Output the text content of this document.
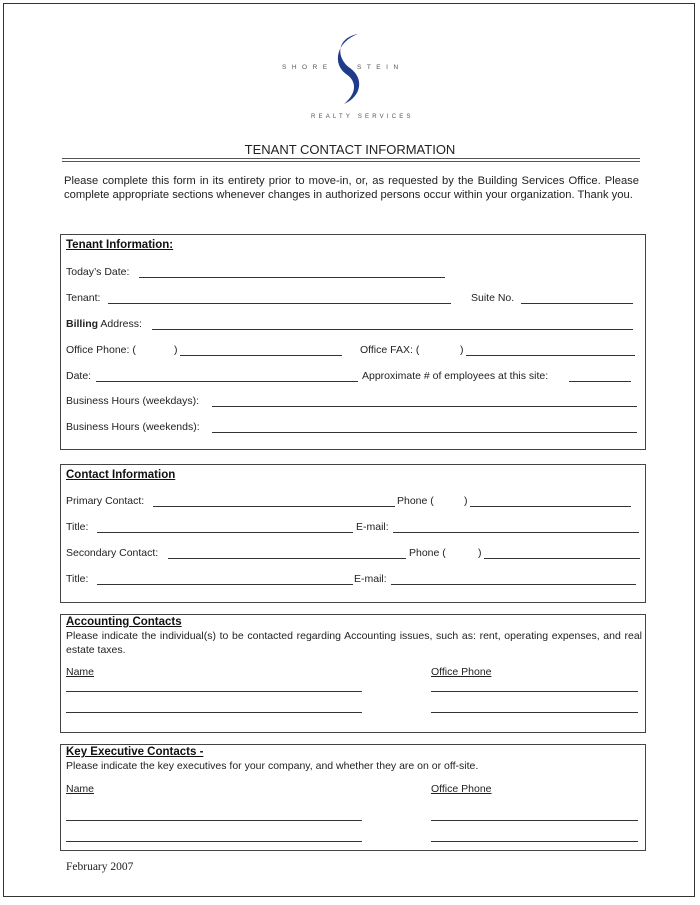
SHORE	STEIN
REALTY SERVICES
TENANT CONTACT INFORMATION
Please complete this form in its entirety prior to move-in, or, as requested by the Building Services Office. Please complete appropriate sections whenever changes in authorized persons occur within your organization. Thank you.
Tenant Information:
Today’s Date:
Tenant:	Suite No.
Billing Address:
Office Phone: (	)	Office FAX: (	)
Date:	Approximate # of employees at this site:
Business Hours (weekdays):
Business Hours (weekends):
Contact Information
Primary Contact:	Phone (	)
Title:	E-mail:
Secondary Contact:	Phone (	)
Title:	E-mail:
Accounting Contacts
Please indicate the individual(s) to be contacted regarding Accounting issues, such as: rent, operating expenses, and real estate taxes.
Name	Office Phone
Key Executive Contacts -
Please indicate the key executives for your company, and whether they are on or off-site.
Name	Office Phone
February 2007
